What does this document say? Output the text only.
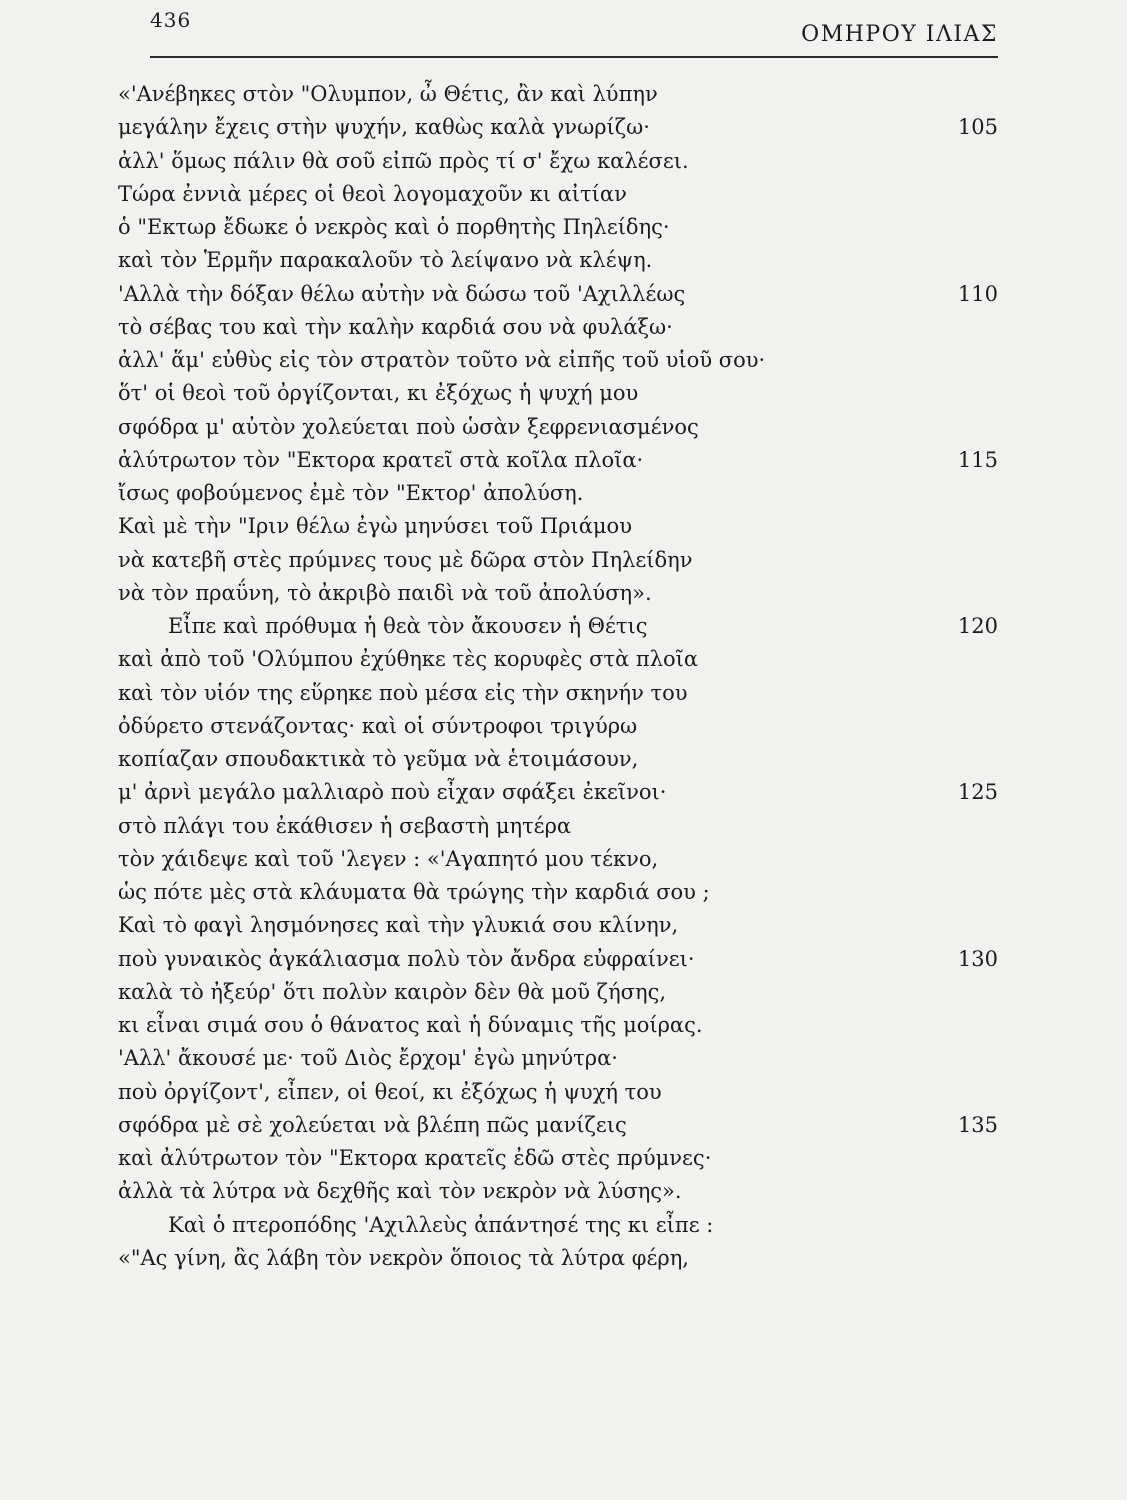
436
ΟΜΗΡΟΥ ΙΛΙΑΣ
«'Ανέβηκες στὸν "Ολυμπον, ὦ Θέτις, ἂν καὶ λύπην
μεγάλην ἔχεις στὴν ψυχήν, καθὼς καλὰ γνωρίζω·	105
ἀλλ' ὅμως πάλιν θὰ σοῦ εἰπῶ πρὸς τί σ' ἔχω καλέσει.
Τώρα ἐννιὰ μέρες οἱ θεοὶ λογομαχοῦν κι αἰτίαν
ὁ "Εκτωρ ἔδωκε ὁ νεκρὸς καὶ ὁ πορθητὴς Πηλείδης·
καὶ τὸν Ἑρμῆν παρακαλοῦν τὸ λείψανο νὰ κλέψη.
'Αλλὰ τὴν δόξαν θέλω αὐτὴν νὰ δώσω τοῦ 'Αχιλλέως	110
τὸ σέβας του καὶ τὴν καλὴν καρδιά σου νὰ φυλάξω·
ἀλλ' ἅμ' εὐθὺς εἰς τὸν στρατὸν τοῦτο νὰ εἰπῆς τοῦ υἱοῦ σου·
ὅτ' οἱ θεοὶ τοῦ ὀργίζονται, κι ἐξόχως ἡ ψυχή μου
σφόδρα μ' αὐτὸν χολεύεται ποὺ ὡσὰν ξεφρενιασμένος
ἀλύτρωτον τὸν "Εκτορα κρατεῖ στὰ κοῖλα πλοῖα·	115
ἴσως φοβούμενος ἐμὲ τὸν "Εκτορ' ἀπολύση.
Καὶ μὲ τὴν "Ιριν θέλω ἐγὼ μηνύσει τοῦ Πριάμου
νὰ κατεβῆ στὲς πρύμνες τους μὲ δῶρα στὸν Πηλείδην
νὰ τὸν πραΰνη, τὸ ἀκριβὸ παιδὶ νὰ τοῦ ἀπολύση».
Εἶπε καὶ πρόθυμα ἡ θεὰ τὸν ἄκουσεν ἡ Θέτις	120
καὶ ἀπὸ τοῦ 'Ολύμπου ἐχύθηκε τὲς κορυφὲς στὰ πλοῖα
καὶ τὸν υἱόν της εὕρηκε ποὺ μέσα εἰς τὴν σκηνήν του
ὀδύρετο στενάζοντας· καὶ οἱ σύντροφοι τριγύρω
κοπίαζαν σπουδακτικὰ τὸ γεῦμα νὰ ἑτοιμάσουν,
μ' ἀρνὶ μεγάλο μαλλιαρὸ ποὺ εἶχαν σφάξει ἐκεῖνοι·	125
στὸ πλάγι του ἐκάθισεν ἡ σεβαστὴ μητέρα
τὸν χάιδεψε καὶ τοῦ 'λεγεν : «'Αγαπητό μου τέκνο,
ὡς πότε μὲς στὰ κλάυματα θὰ τρώγης τὴν καρδιά σου ;
Καὶ τὸ φαγὶ λησμόνησες καὶ τὴν γλυκιά σου κλίνην,
ποὺ γυναικὸς ἀγκάλιασμα πολὺ τὸν ἄνδρα εὐφραίνει·	130
καλὰ τὸ ἠξεύρ' ὅτι πολὺν καιρὸν δὲν θὰ μοῦ ζήσης,
κι εἶναι σιμά σου ὁ θάνατος καὶ ἡ δύναμις τῆς μοίρας.
'Αλλ' ἄκουσέ με· τοῦ Διὸς ἔρχομ' ἐγὼ μηνύτρα·
ποὺ ὀργίζοντ', εἶπεν, οἱ θεοί, κι ἐξόχως ἡ ψυχή του
σφόδρα μὲ σὲ χολεύεται νὰ βλέπη πῶς μανίζεις	135
καὶ ἀλύτρωτον τὸν "Εκτορα κρατεῖς ἐδῶ στὲς πρύμνες·
ἀλλὰ τὰ λύτρα νὰ δεχθῆς καὶ τὸν νεκρὸν νὰ λύσης».
Καὶ ὁ πτεροπόδης 'Αχιλλεὺς ἀπάντησέ της κι εἶπε :
«"Ας γίνη, ἂς λάβη τὸν νεκρὸν ὅποιος τὰ λύτρα φέρη,
